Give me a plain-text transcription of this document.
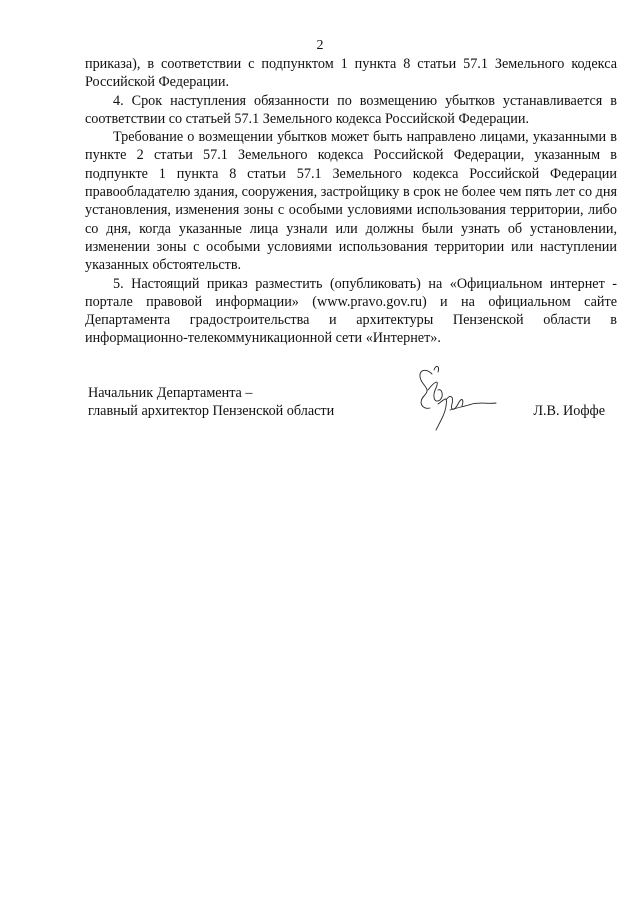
2

приказа), в соответствии с подпунктом 1 пункта 8 статьи 57.1 Земельного кодекса Российской Федерации.

4. Срок наступления обязанности по возмещению убытков устанавливается в соответствии со статьей 57.1 Земельного кодекса Российской Федерации.

Требование о возмещении убытков может быть направлено лицами, указанными в пункте 2 статьи 57.1 Земельного кодекса Российской Федерации, указанным в подпункте 1 пункта 8 статьи 57.1 Земельного кодекса Российской Федерации правообладателю здания, сооружения, застройщику в срок не более чем пять лет со дня установления, изменения зоны с особыми условиями использования территории, либо со дня, когда указанные лица узнали или должны были узнать об установлении, изменении зоны с особыми условиями использования территории или наступлении указанных обстоятельств.

5. Настоящий приказ разместить (опубликовать) на «Официальном интернет - портале правовой информации» (www.pravo.gov.ru) и на официальном сайте Департамента градостроительства и архитектуры Пензенской области в информационно-телекоммуникационной сети «Интернет».

Начальник Департамента –
главный архитектор Пензенской области	Л.В. Иоффе
